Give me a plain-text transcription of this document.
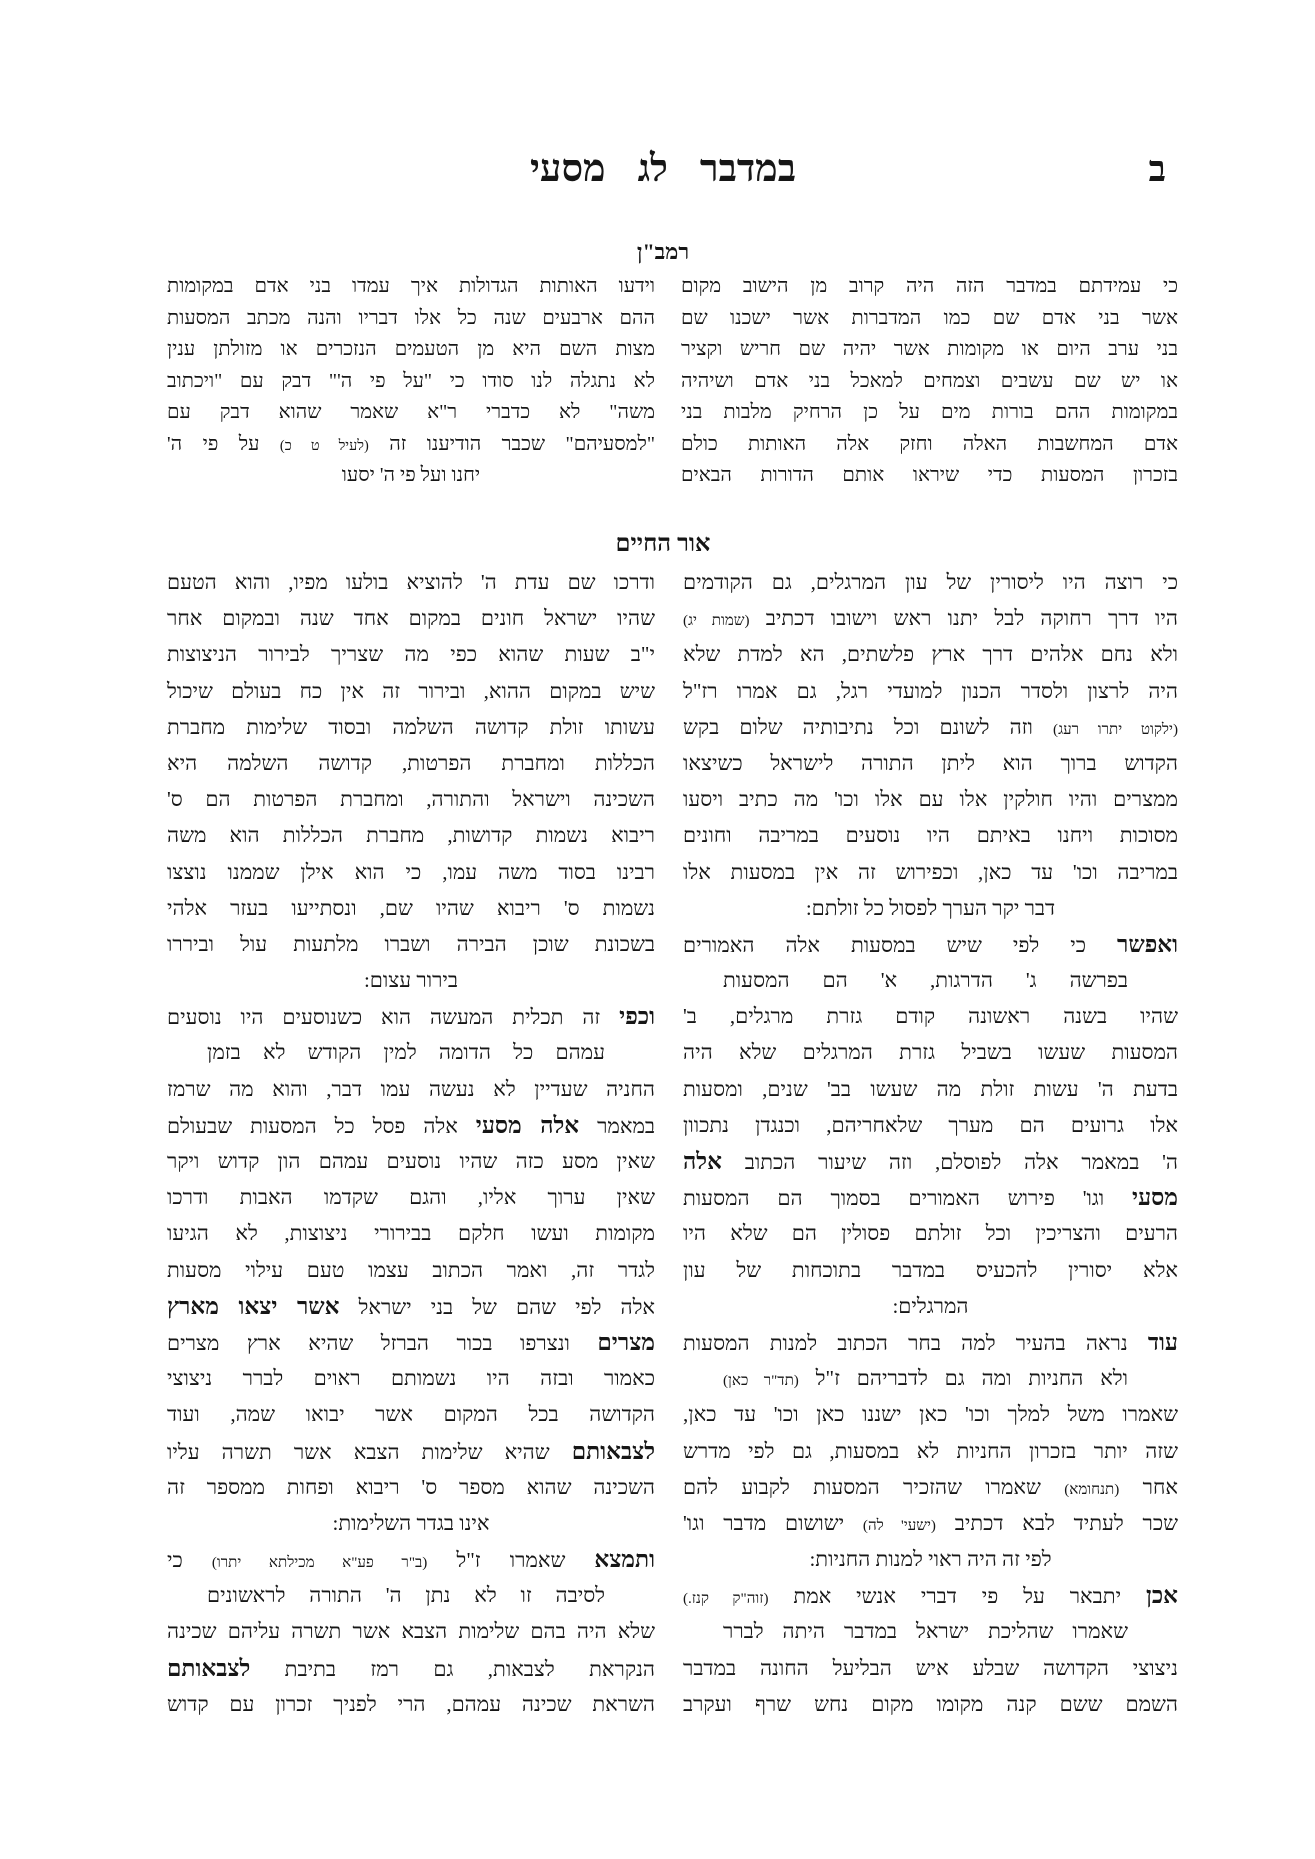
ב
במדברלגמסעי
רמב"ן
כי עמידתם במדבר הזה היה קרוב מן הישוב מקום
אשר בני אדם שם כמו המדברות אשר ישכנו שם
בני ערב היום או מקומות אשר יהיה שם חריש וקציר
או יש שם עשבים וצמחים למאכל בני אדם ושיהיה
במקומות ההם בורות מים על כן הרחיק מלבות בני
אדם המחשבות האלה וחזק אלה האותות כולם
בזכרון המסעות כדי שיראו אותם הדורות הבאים
וידעו האותות הגדולות איך עמדו בני אדם במקומות
ההם ארבעים שנה כל אלו דבריו והנה מכתב המסעות
מצות השם היא מן הטעמים הנזכרים או מזולתן ענין
לא נתגלה לנו סודו כי "על פי ה'" דבק עם "ויכתוב
משה" לא כדברי ר"א שאמר שהוא דבק עם
"למסעיהם" שכבר הודיענו זה (לעיל ט כ) על פי ה'
יחנו ועל פי ה' יסעו
אור החיים
כי רוצה היו ליסורין של עון המרגלים, גם הקודמים
היו דרך רחוקה לבל יתנו ראש וישובו דכתיב (שמות יג)
ולא נחם אלהים דרך ארץ פלשתים, הא למדת שלא
היה לרצון ולסדר הכנון למועדי רגל, גם אמרו רז"ל
(ילקוט יתרו רעג) וזה לשונם וכל נתיבותיה שלום בקש
הקדוש ברוך הוא ליתן התורה לישראל כשיצאו
ממצרים והיו חולקין אלו עם אלו וכו' מה כתיב ויסעו
מסוכות ויחנו באיתם היו נוסעים במריבה וחונים
במריבה וכו' עד כאן, וכפירוש זה אין במסעות אלו
דבר יקר הערך לפסול כל זולתם:
ואפשר כי לפי שיש במסעות אלה האמורים
בפרשה ג' הדרגות, א' הם המסעות
שהיו בשנה ראשונה קודם גזרת מרגלים, ב'
המסעות שעשו בשביל גזרת המרגלים שלא היה
בדעת ה' עשות זולת מה שעשו בב' שנים, ומסעות
אלו גרועים הם מערך שלאחריהם, וכנגדן נתכוון
ה' במאמר אלה לפוסלם, וזה שיעור הכתוב אלה
מסעי וגו' פירוש האמורים בסמוך הם המסעות
הרעים והצריכין וכל זולתם פסולין הם שלא היו
אלא יסורין להכעיס במדבר בתוכחות של עון
המרגלים:
עוד נראה בהעיר למה בחר הכתוב למנות המסעות
ולא החניות ומה גם לדבריהם ז"ל (תד"ר כאן)
שאמרו משל למלך וכו' כאן ישננו כאן וכו' עד כאן,
שזה יותר בזכרון החניות לא במסעות, גם לפי מדרש
אחר (תנחומא) שאמרו שהזכיר המסעות לקבוע להם
שכר לעתיד לבא דכתיב (ישעי' לה) ישושום מדבר וגו'
לפי זה היה ראוי למנות החניות:
אכן יתבאר על פי דברי אנשי אמת (זוה"ק קנז.)
שאמרו שהליכת ישראל במדבר היתה לברר
ניצוצי הקדושה שבלע איש הבליעל החונה במדבר
השמם ששם קנה מקומו מקום נחש שרף ועקרב
ודרכו שם עדת ה' להוציא בולעו מפיו, והוא הטעם
שהיו ישראל חונים במקום אחד שנה ובמקום אחר
י"ב שעות שהוא כפי מה שצריך לבירור הניצוצות
שיש במקום ההוא, ובירור זה אין כח בעולם שיכול
עשותו זולת קדושה השלמה ובסוד שלימות מחברת
הכללות ומחברת הפרטות, קדושה השלמה היא
השכינה וישראל והתורה, ומחברת הפרטות הם ס'
ריבוא נשמות קדושות, מחברת הכללות הוא משה
רבינו בסוד משה עמו, כי הוא אילן שממנו נוצצו
נשמות ס' ריבוא שהיו שם, ונסתייעו בעזר אלהי
בשכונת שוכן הבירה ושברו מלתעות עול וביררו
בירור עצום:
וכפי זה תכלית המעשה הוא כשנוסעים היו נוסעים
עמהם כל הדומה למין הקודש לא בזמן
החניה שעדיין לא נעשה עמו דבר, והוא מה שרמז
במאמר אלה מסעי אלה פסל כל המסעות שבעולם
שאין מסע כזה שהיו נוסעים עמהם הון קדוש ויקר
שאין ערוך אליו, והגם שקדמו האבות ודרכו
מקומות ועשו חלקם בבירורי ניצוצות, לא הגיעו
לגדר זה, ואמר הכתוב עצמו טעם עילוי מסעות
אלה לפי שהם של בני ישראל אשר יצאו מארץ
מצרים ונצרפו בכור הברזל שהיא ארץ מצרים
כאמור ובזה היו נשמותם ראוים לברר ניצוצי
הקדושה בכל המקום אשר יבואו שמה, ועוד
לצבאותם שהיא שלימות הצבא אשר תשרה עליו
השכינה שהוא מספר ס' ריבוא ופחות ממספר זה
אינו בגדר השלימות:
ותמצא שאמרו ז"ל (ב"ר פע"א מכילתא יתרו) כי
לסיבה זו לא נתן ה' התורה לראשונים
שלא היה בהם שלימות הצבא אשר תשרה עליהם שכינה
הנקראת לצבאות, גם רמז בתיבת לצבאותם
השראת שכינה עמהם, הרי לפניך זכרון עם קדוש
